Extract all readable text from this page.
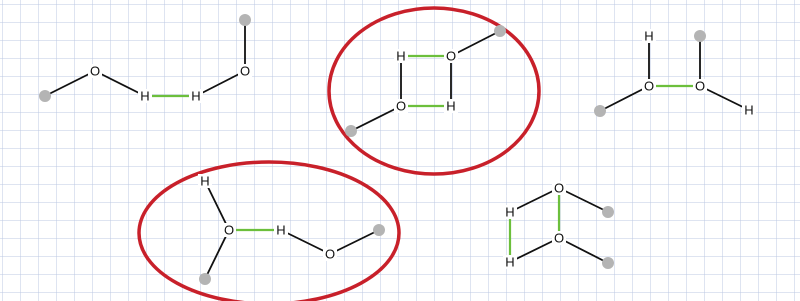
O
H	H
O
H	O
O	H
H
O	O
H
H
O	H
O
O
H
O
H
